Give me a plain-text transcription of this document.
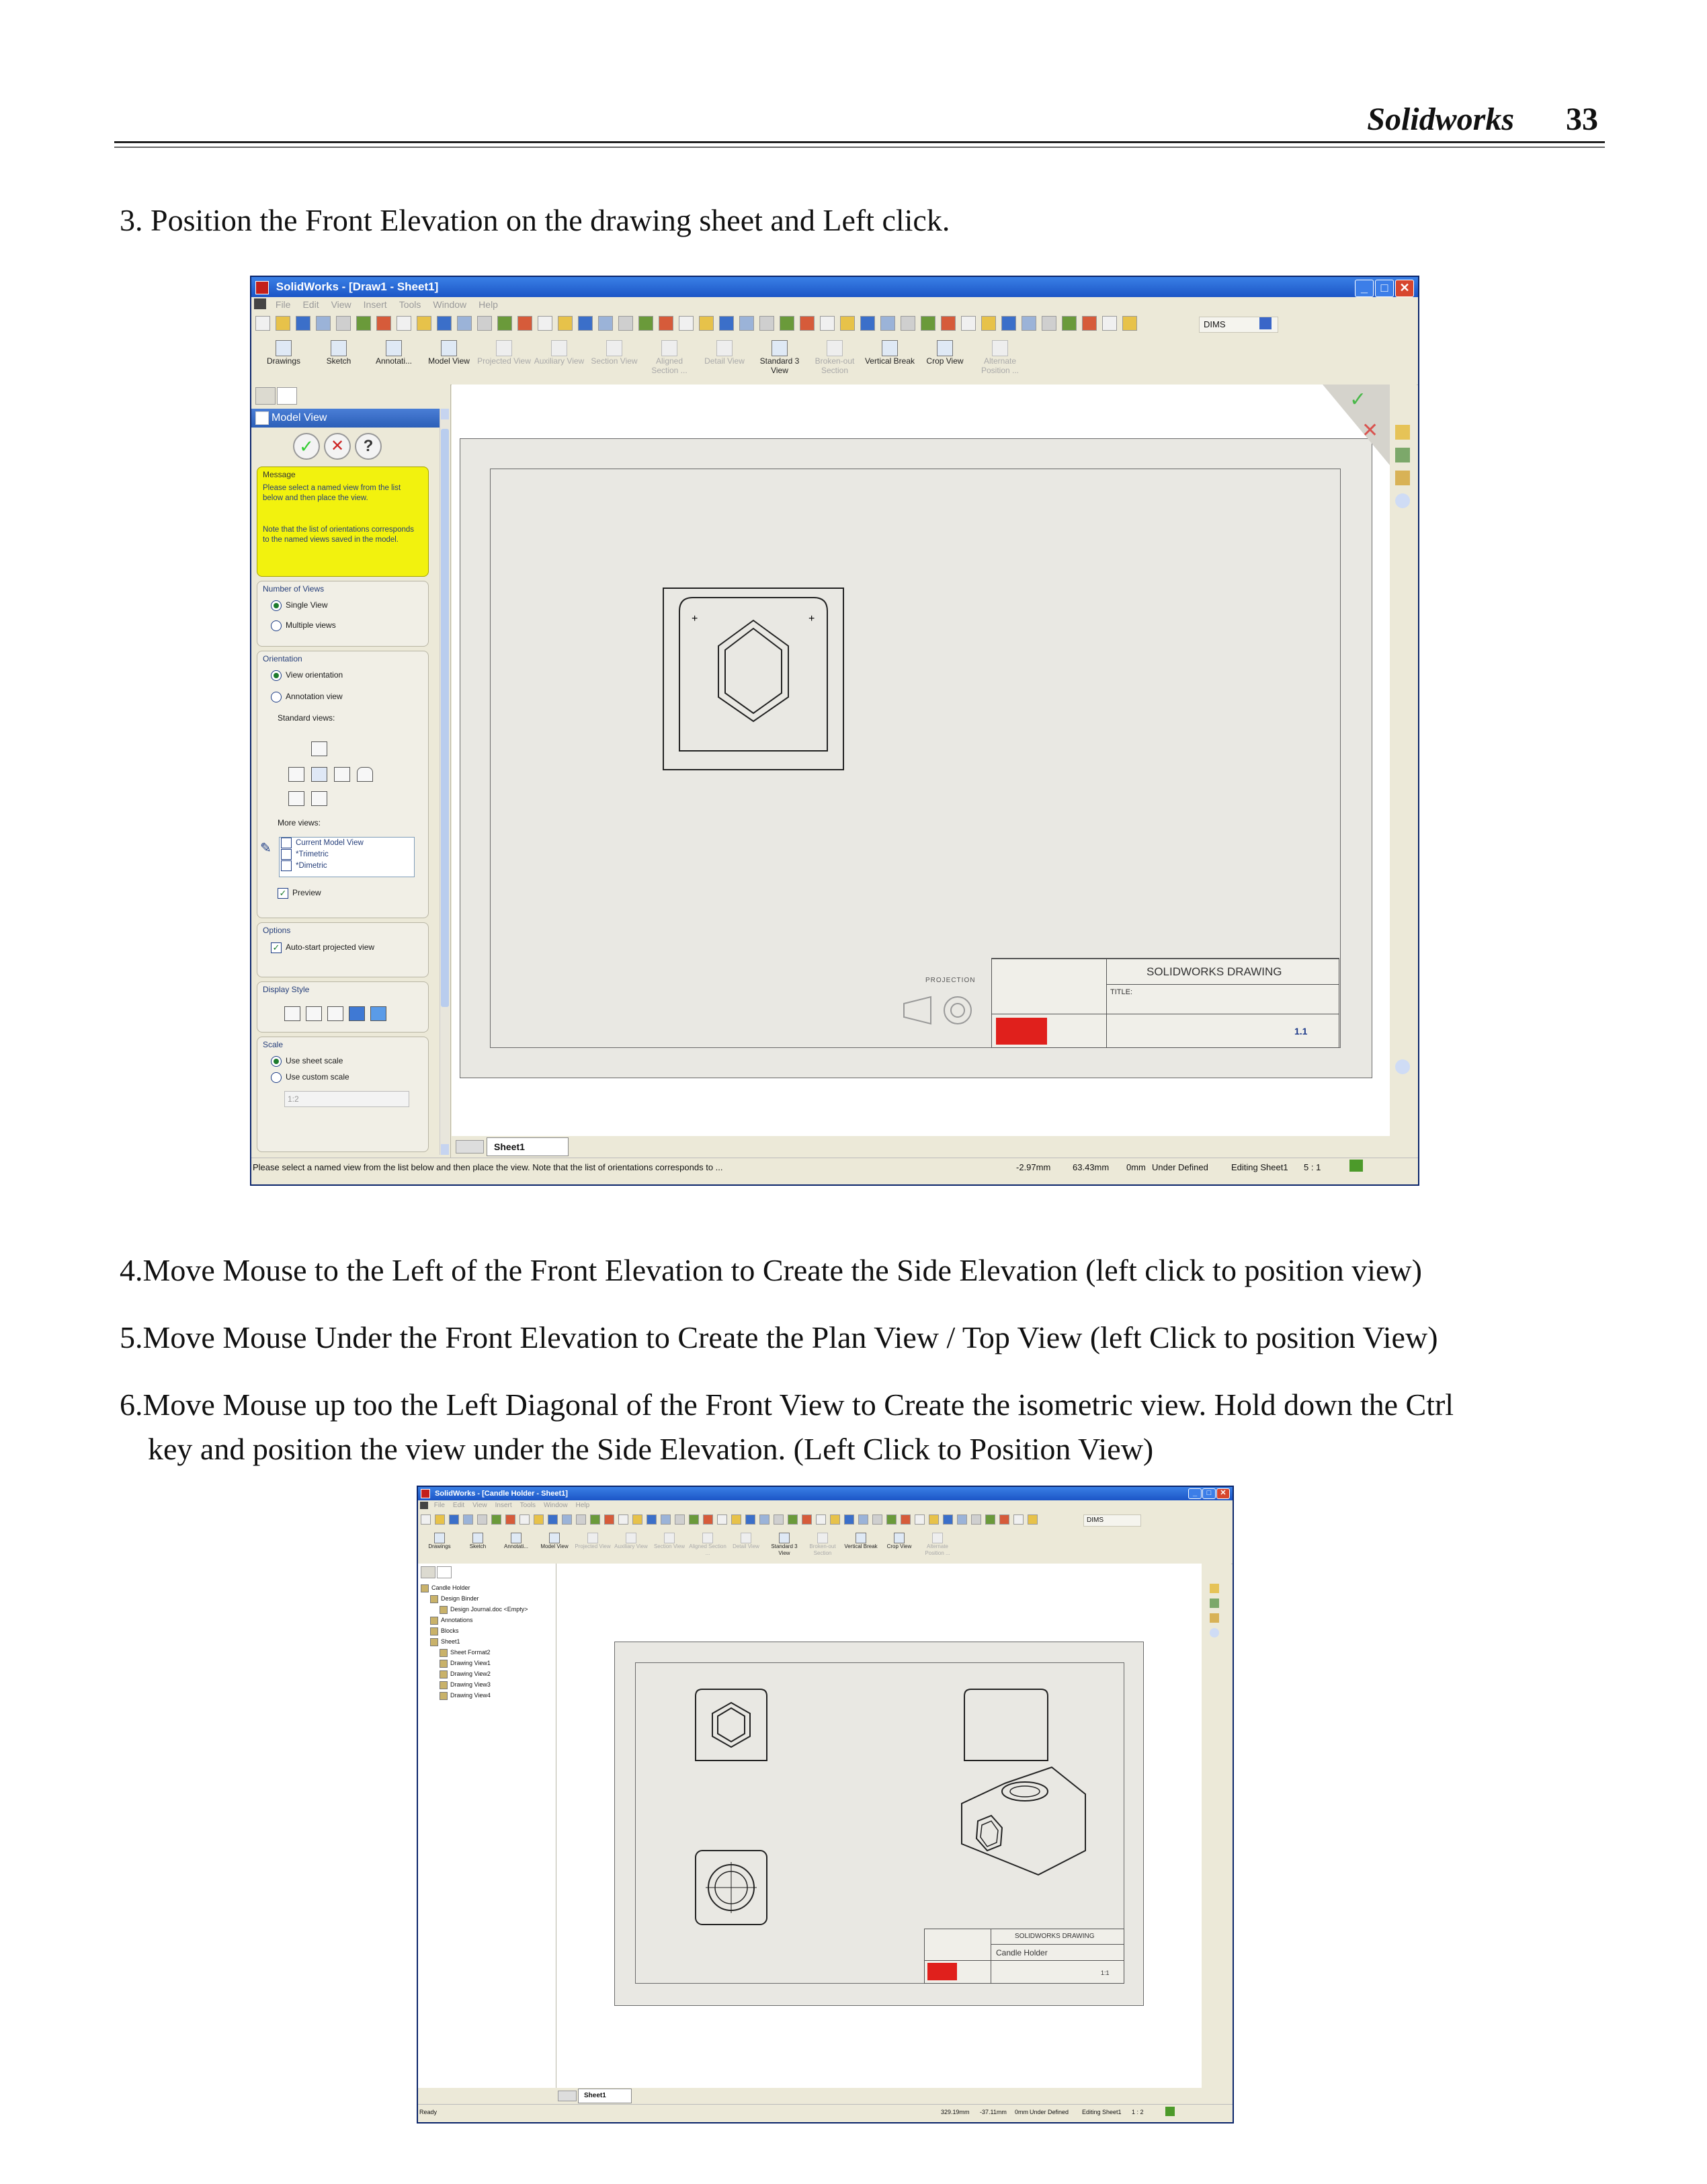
Solidworks 33
3. Position the Front Elevation on the drawing sheet and Left click.
SolidWorks - [Draw1 - Sheet1]	_	□ ✕
File Edit View Insert Tools Window Help
DIMS
Drawings	Sketch	Annotati...	Model View Projected View Auxiliary View Section View	Aligned Section ...
Detail View	Standard 3 View
Broken-out Section
Vertical Break	Crop View	Alternate Position ...
Model View
✓	✕	?
Message
Please select a named view from the list below and then place the view.
Note that the list of orientations corresponds to the named views saved in the model.
Number of Views
Single View
Multiple views
Orientation
View orientation
Annotation view
Standard views:
More views:
✎	Current Model View
*Trimetric
*Dimetric
✓ Preview
Options
✓ Auto-start projected view
Display Style
Scale
Use sheet scale
Use custom scale
1:2
+	+
SOLIDWORKS DRAWING
TITLE:
1.1
PROJECTION
✓
✕
Sheet1
Please select a named view from the list below and then place the view. Note that the list of orientations corresponds to ...	-2.97mm	63.43mm 0mm Under Defined	Editing Sheet1 5 : 1
4.Move Mouse to the Left of the Front Elevation to Create the Side Elevation (left click to position view)
5.Move Mouse Under the Front Elevation to Create the Plan View / Top View (left Click to position View)
6.Move Mouse up too the Left Diagonal of the Front View to Create the isometric view. Hold down the Ctrl
key and position the view under the Side Elevation. (Left Click to Position View)
SolidWorks - [Candle Holder - Sheet1]	_	□	✕
File Edit View Insert Tools Window Help
DIMS
Drawings	Sketch	Annotati...	Model View	Projected View Auxiliary View	Section View Aligned Section ...
Detail View	Standard 3 View
Broken-out Section
Vertical Break	Crop View	Alternate Position ...
Candle Holder
Design Binder
Design Journal.doc <Empty>
Annotations
Blocks
Sheet1
Sheet Format2
Drawing View1
Drawing View2
Drawing View3
Drawing View4
SOLIDWORKS DRAWING
Candle Holder
1:1
Sheet1
Ready	329.19mm -37.11mm 0mm Under Defined Editing Sheet1 1 : 2
